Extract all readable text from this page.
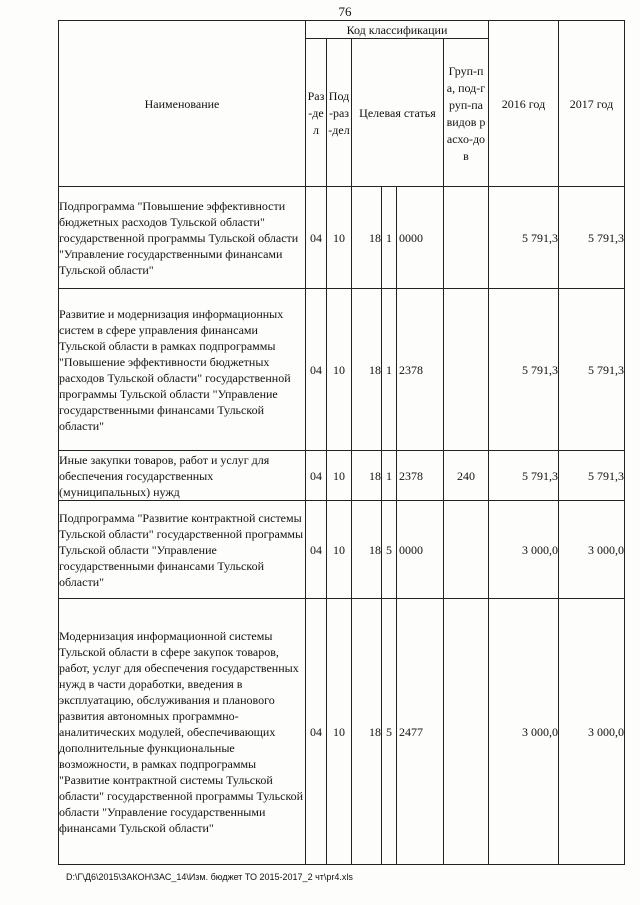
76
Наименование	Код классификации						2016 год	2017 год
	Раз-дел	Под-раз-дел	Целевая статья			Груп-па, под-груп-па видов расхо-дов		
Подпрограмма "Повышение эффективности бюджетных расходов Тульской области" государственной программы Тульской области "Управление государственными финансами Тульской области"	04	10	18	1	0000		5 791,3	5 791,3
Развитие и модернизация информационных систем в сфере управления финансами Тульской области в рамках подпрограммы "Повышение эффективности бюджетных расходов Тульской области" государственной программы Тульской области "Управление государственными финансами Тульской области"	04	10	18	1	2378		5 791,3	5 791,3
Иные закупки товаров, работ и услуг для обеспечения государственных (муниципальных) нужд	04	10	18	1	2378	240	5 791,3	5 791,3
Подпрограмма "Развитие контрактной системы Тульской области" государственной программы Тульской области "Управление государственными финансами Тульской области"	04	10	18	5	0000		3 000,0	3 000,0
Модернизация информационной системы Тульской области в сфере закупок товаров, работ, услуг для обеспечения государственных нужд в части доработки, введения в эксплуатацию, обслуживания и планового развития автономных программно-аналитических модулей, обеспечивающих дополнительные функциональные возможности, в рамках подпрограммы "Развитие контрактной системы Тульской области" государственной программы Тульской области "Управление государственными финансами Тульской области"	04	10	18	5	2477		3 000,0	3 000,0
D:\Г\Д6\2015\ЗАКОН\ЗАС_14\Изм. бюджет ТО 2015-2017_2 чт\pr4.xls
